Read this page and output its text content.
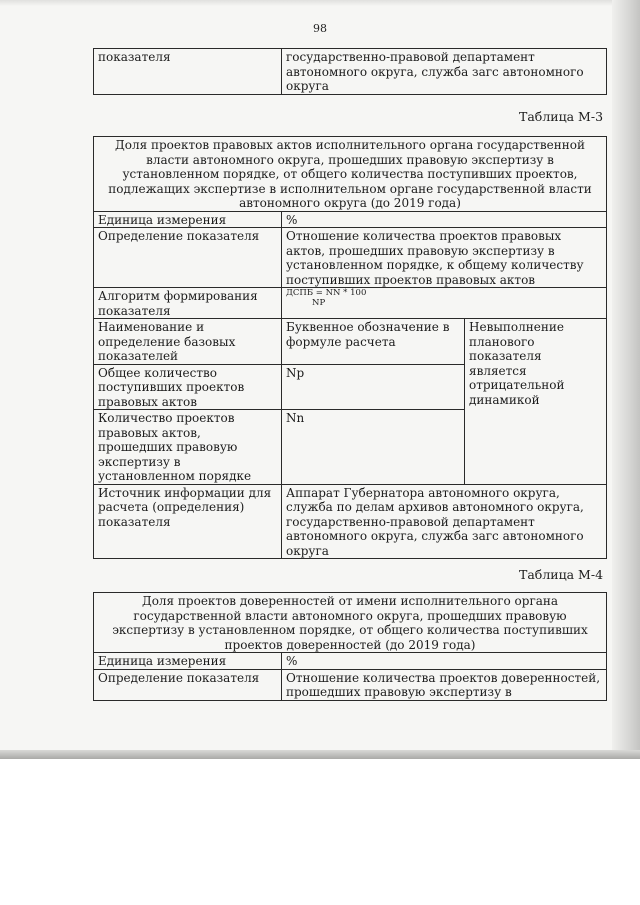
98
показателя	государственно-правовой департамент автономного округа, служба загс автономного округа
Таблица М-3
Доля проектов правовых актов исполнительного органа государственной власти автономного округа, прошедших правовую экспертизу в установленном порядке, от общего количества поступивших проектов, подлежащих экспертизе в исполнительном органе государственной власти автономного округа (до 2019 года)		
Единица измерения	%	
Определение показателя	Отношение количества проектов правовых актов, прошедших правовую экспертизу в установленном порядке, к общему количеству поступивших проектов правовых актов	
Алгоритм формирования показателя	ДСПБ = NN * 100
NP	

Наименование и определение базовых показателей	Буквенное обозначение в формуле расчета	Невыполнение планового показателя является отрицательной динамикой
Общее количество поступивших проектов правовых актов	Np	
Количество проектов правовых актов, прошедших правовую экспертизу в установленном порядке	Nn	
Источник информации для расчета (определения) показателя	Аппарат Губернатора автономного округа, служба по делам архивов автономного округа, государственно-правовой департамент автономного округа, служба загс автономного округа	
Таблица М-4
Доля проектов доверенностей от имени исполнительного органа государственной власти автономного округа, прошедших правовую экспертизу в установленном порядке, от общего количества поступивших проектов доверенностей (до 2019 года)	
Единица измерения	%
Определение показателя	Отношение количества проектов доверенностей, прошедших правовую экспертизу в
